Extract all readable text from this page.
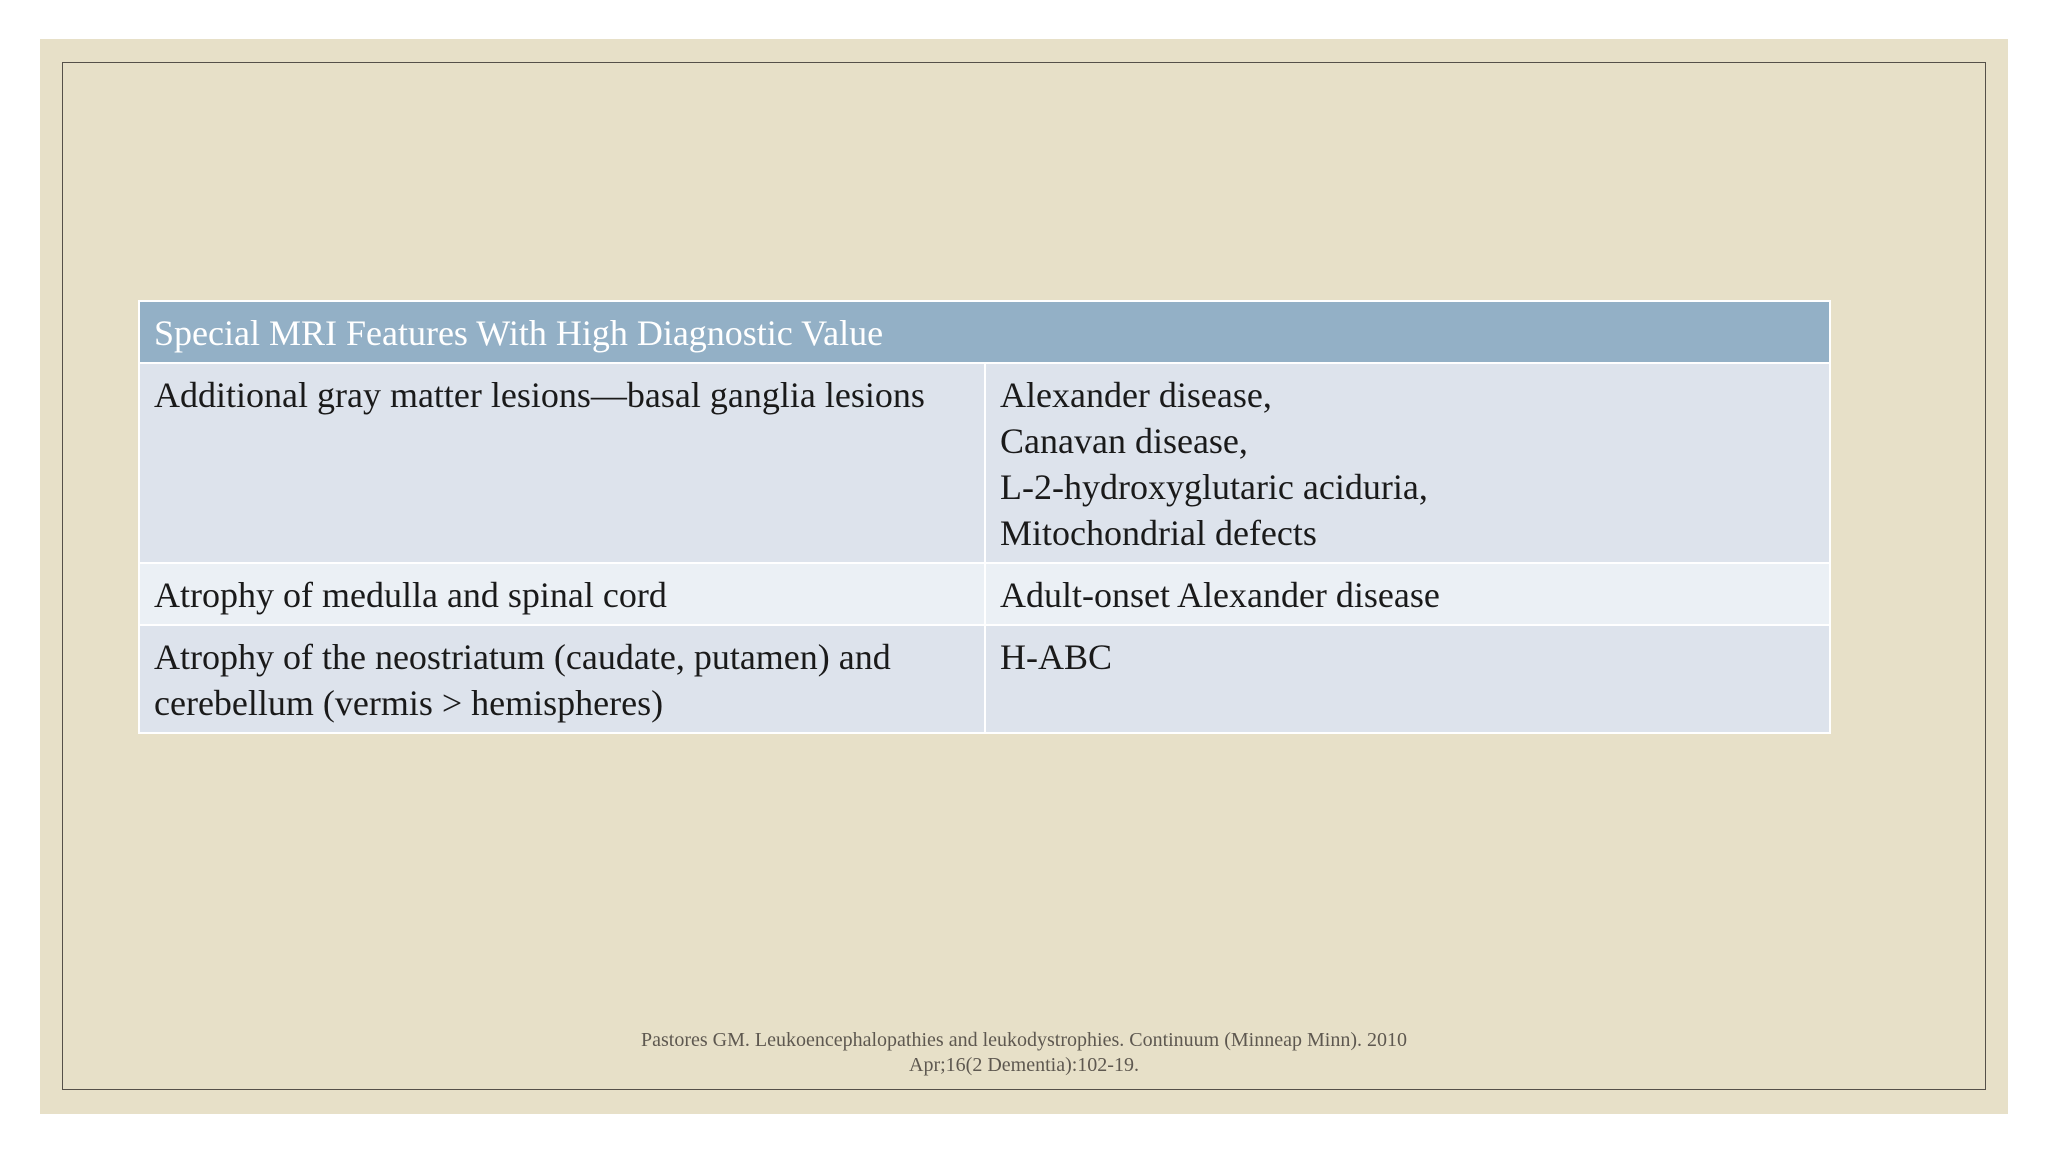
Special MRI Features With High Diagnostic Value	
Additional gray matter lesions—basal ganglia lesions	Alexander disease,
Canavan disease,
L-2-hydroxyglutaric aciduria,
Mitochondrial defects

Atrophy of medulla and spinal cord	Adult-onset Alexander disease

Atrophy of the neostriatum (caudate, putamen) and cerebellum (vermis > hemispheres)	H-ABC
Pastores GM. Leukoencephalopathies and leukodystrophies. Continuum (Minneap Minn). 2010
Apr;16(2 Dementia):102-19.
